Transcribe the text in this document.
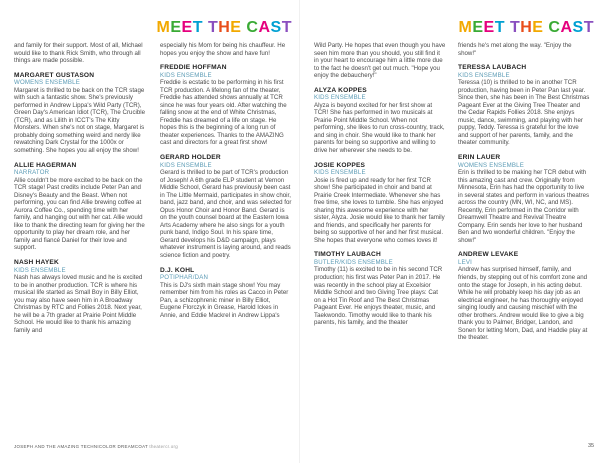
MEET THE CAST

and family for their support. Most of all, Michael would like to thank Rick Smith, who through all things are made possible.

MARGARET GUSTASON
WOMENS ENSEMBLE

Margaret is thrilled to be back on the TCR stage with such a fantastic show. She's previously performed in Andrew Lippa's Wild Party (TCR), Green Day's American Idiot (TCR), The Crucible (TCR), and as Lilith in ICCT's The Kitty Monsters. When she's not on stage, Margaret is probably doing something weird and nerdy like rewatching Dark Crystal for the 1000x or something. She hopes you all enjoy the show!

ALLIE HAGERMAN
NARRATOR

Allie couldn't be more excited to be back on the TCR stage! Past credits include Peter Pan and Disney's Beauty and the Beast. When not performing, you can find Allie brewing coffee at Aurora Coffee Co., spending time with her family, and hanging out with her cat. Allie would like to thank the directing team for giving her the opportunity to play her dream role, and her family and fiancé Daniel for their love and support.

NASH HAYEK
KIDS ENSEMBLE

Nash has always loved music and he is excited to be in another production. TCR is where his musical life started as Small Boy in Billy Elliot, you may also have seen him in A Broadway Christmas by RTC and Follies 2018. Next year, he will be a 7th grader at Prairie Point Middle School. He would like to thank his amazing family and

especially his Mom for being his chauffeur. He hopes you enjoy the show and have fun!

FREDDIE HOFFMAN
KIDS ENSEMBLE

Freddie is ecstatic to be performing in his first TCR production. A lifelong fan of the theater, Freddie has attended shows annually at TCR since he was four years old. After watching the falling snow at the end of White Christmas, Freddie has dreamed of a life on stage. He hopes this is the beginning of a long run of theater experiences. Thanks to the AMAZING cast and directors for a great first show!

GERARD HOLDER
KIDS ENSEMBLE

Gerard is thrilled to be part of TCR's production of Joseph! A 6th grade ELP student at Vernon Middle School, Gerard has previously been cast in The Little Mermaid, participates in show choir, band, jazz band, and choir, and was selected for Opus Honor Choir and Honor Band. Gerard is on the youth counsel board at the Eastern Iowa Arts Academy where he also sings for a youth punk band, Indigo Soul. In his spare time, Gerard develops his D&D campaign, plays whatever instrument is laying around, and reads science fiction and poetry.

D.J. KOHL
POTIPHAR/DAN

This is DJ's sixth main stage show! You may remember him from his roles as Cacco in Peter Pan, a schizophrenic miner in Billy Elliot, Eugene Florczyk in Grease, Harold Ickes in Annie, and Eddie Mackrel in Andrew Lippa's

JOSEPH AND THE AMAZING TECHNICOLOR DREAMCOAT theatercr.org
MEET THE CAST

Wild Party. He hopes that even though you have seen him more than you should, you still find it in your heart to encourage him a little more due to the fact he doesn't get out much. "Hope you enjoy the debauchery!"

ALYZA KOPPES
KIDS ENSEMBLE

Alyza is beyond excited for her first show at TCR! She has performed in two musicals at Prairie Point Middle School. When not performing, she likes to run cross-country, track, and sing in choir. She would like to thank her parents for being so supportive and willing to drive her wherever she needs to be.

JOSIE KOPPES
KIDS ENSEMBLE

Josie is fired up and ready for her first TCR show! She participated in choir and band at Prairie Creek Intermediate. Whenever she has free time, she loves to tumble. She has enjoyed sharing this awesome experience with her sister, Alyza. Josie would like to thank her family and friends, and specifically her parents for being so supportive of her and her first musical. She hopes that everyone who comes loves it!

TIMOTHY LAUBACH
BUTLER/KIDS ENSEMBLE

Timothy (11) is excited to be in his second TCR production; his first was Peter Pan in 2017. He was recently in the school play at Excelsior Middle School and two Giving Tree plays: Cat on a Hot Tin Roof and The Best Christmas Pageant Ever. He enjoys theater, music, and Taekwondo. Timothy would like to thank his parents, his family, and the theater

friends he's met along the way. "Enjoy the show!"

TERESSA LAUBACH
KIDS ENSEMBLE

Teressa (10) is thrilled to be in another TCR production, having been in Peter Pan last year. Since then, she has been in The Best Christmas Pageant Ever at the Giving Tree Theater and the Cedar Rapids Follies 2018. She enjoys music, dance, swimming, and playing with her puppy, Teddy. Teressa is grateful for the love and support of her parents, family, and the theater community.

ERIN LAUER
WOMENS ENSEMBLE

Erin is thrilled to be making her TCR debut with this amazing cast and crew. Originally from Minnesota, Erin has had the opportunity to live in several states and perform in various theatres across the country (MN, WI, NC, and MS). Recently, Erin performed in the Corridor with Dreamwell Theatre and Revival Theatre Company. Erin sends her love to her husband Ben and two wonderful children. "Enjoy the show!"

ANDREW LEVAKE
LEVI

Andrew has surprised himself, family, and friends, by stepping out of his comfort zone and onto the stage for Joseph, in his acting debut. While he will probably keep his day job as an electrical engineer, he has thoroughly enjoyed singing loudly and causing mischief with the other brothers. Andrew would like to give a big thank you to Palmer, Bridger, Landon, and Sonen for letting Mom, Dad, and Haddie play at the theater.

35
